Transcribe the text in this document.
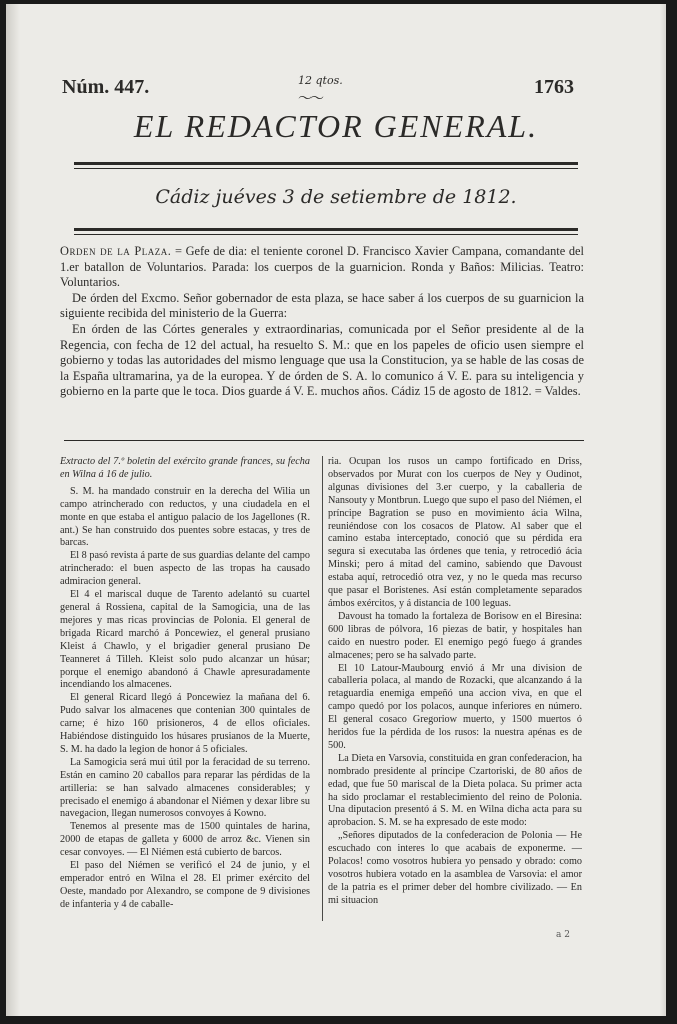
Núm. 447.	12 qtos.
〜〜
1763
EL REDACTOR GENERAL.
Cádiz juéves 3 de setiembre de 1812.

Orden de la Plaza. = Gefe de dia: el teniente coronel D. Francisco Xavier Campana, comandante del 1.er batallon de Voluntarios. Parada: los cuerpos de la guarnicion. Ronda y Baños: Milicias. Teatro: Voluntarios.

De órden del Excmo. Señor gobernador de esta plaza, se hace saber á los cuerpos de su guarnicion la siguiente recibida del ministerio de la Guerra:

En órden de las Córtes generales y extraordinarias, comunicada por el Señor presidente al de la Regencia, con fecha de 12 del actual, ha resuelto S. M.: que en los papeles de oficio usen siempre el gobierno y todas las autoridades del mismo lenguage que usa la Constitucion, ya se hable de las cosas de la España ultramarina, ya de la europea. Y de órden de S. A. lo comunico á V. E. para su inteligencia y gobierno en la parte que le toca. Dios guarde á V. E. muchos años. Cádiz 15 de agosto de 1812. = Valdes.

Extracto del 7.º boletin del exército grande frances, su fecha en Wilna á 16 de julio.

S. M. ha mandado construir en la derecha del Wilia un campo atrincherado con reductos, y una ciudadela en el monte en que estaba el antiguo palacio de los Jagellones (R. ant.) Se han construido dos puentes sobre estacas, y tres de barcas.

El 8 pasó revista á parte de sus guardias delante del campo atrincherado: el buen aspecto de las tropas ha causado admiracion general.

El 4 el mariscal duque de Tarento adelantó su cuartel general á Rossiena, capital de la Samogicia, una de las mejores y mas ricas provincias de Polonia. El general de brigada Ricard marchó á Poncewiez, el general prusiano Kleist á Chawlo, y el brigadier general prusiano De Teanneret á Tilleh. Kleist solo pudo alcanzar un húsar; porque el enemigo abandonó á Chawle apresuradamente incendiando los almacenes.

El general Ricard llegó á Poncewiez la mañana del 6. Pudo salvar los almacenes que contenian 300 quintales de carne; é hizo 160 prisioneros, 4 de ellos oficiales. Habiéndose distinguido los húsares prusianos de la Muerte, S. M. ha dado la legion de honor á 5 oficiales.

La Samogicia será mui útil por la feracidad de su terreno. Están en camino 20 caballos para reparar las pérdidas de la artilleria: se han salvado almacenes considerables; y precisado el enemigo á abandonar el Niémen y dexar libre su navegacion, llegan numerosos convoyes á Kowno.

Tenemos al presente mas de 1500 quintales de harina, 2000 de etapas de galleta y 6000 de arroz &c. Vienen sin cesar convoyes. — El Niémen está cubierto de barcos.

El paso del Niémen se verificó el 24 de junio, y el emperador entró en Wilna el 28. El primer exército del Oeste, mandado por Alexandro, se compone de 9 divisiones de infanteria y 4 de caballe-

ria. Ocupan los rusos un campo fortificado en Driss, observados por Murat con los cuerpos de Ney y Oudinot, algunas divisiones del 3.er cuerpo, y la caballeria de Nansouty y Montbrun. Luego que supo el paso del Niémen, el príncipe Bagration se puso en movimiento ácia Wilna, reuniéndose con los cosacos de Platow. Al saber que el camino estaba interceptado, conoció que su pérdida era segura si executaba las órdenes que tenia, y retrocedió ácia Minski; pero á mitad del camino, sabiendo que Davoust estaba aquí, retrocedió otra vez, y no le queda mas recurso que pasar el Boristenes. Así están completamente separados ámbos exércitos, y á distancia de 100 leguas.

Davoust ha tomado la fortaleza de Borisow en el Biresina: 600 libras de pólvora, 16 piezas de batir, y hospitales han caido en nuestro poder. El enemigo pegó fuego á grandes almacenes; pero se ha salvado parte.

El 10 Latour-Maubourg envió á Mr una division de caballeria polaca, al mando de Rozacki, que alcanzando á la retaguardia enemiga empeñó una accion viva, en que el campo quedó por los polacos, aunque inferiores en número. El general cosaco Gregoriow muerto, y 1500 muertos ó heridos fue la pérdida de los rusos: la nuestra apénas es de 500.

La Dieta en Varsovia, constituida en gran confederacion, ha nombrado presidente al príncipe Czartoriski, de 80 años de edad, que fue 50 mariscal de la Dieta polaca. Su primer acta ha sido proclamar el restablecimiento del reino de Polonia. Una diputacion presentó á S. M. en Wilna dicha acta para su aprobacion. S. M. se ha expresado de este modo:

„Señores diputados de la confederacion de Polonia — He escuchado con interes lo que acabais de exponerme. — Polacos! como vosotros hubiera yo pensado y obrado: como vosotros hubiera votado en la asamblea de Varsovia: el amor de la patria es el primer deber del hombre civilizado. — En mi situacion

a 2
